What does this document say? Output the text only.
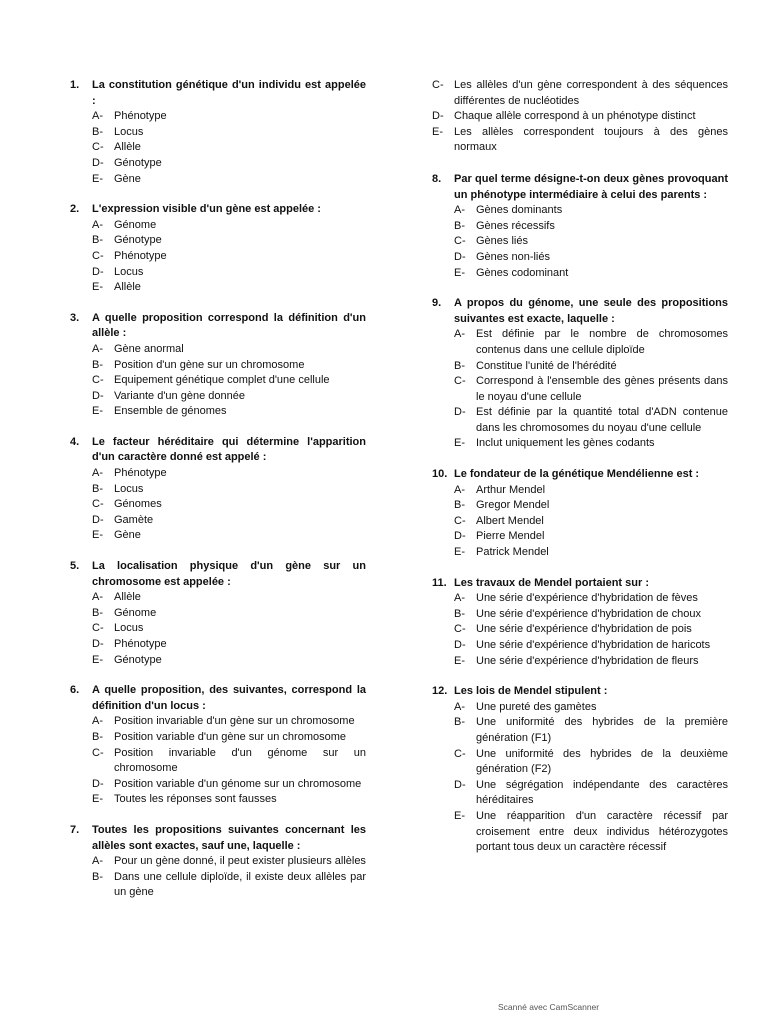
1.	La constitution génétique d'un individu est appelée :
A-	Phénotype
B-	Locus
C- Allèle
D- Génotype
E-	Gène
2.	L'expression visible d'un gène est appelée :
A-	Génome
B-	Génotype
C- Phénotype
D- Locus
E-	Allèle
3.	A quelle proposition correspond la définition d'un allèle :
A-	Gène anormal
B-	Position d'un gène sur un chromosome
C- Equipement génétique complet d'une cellule
D- Variante d'un gène donnée
E-	Ensemble de génomes
4.	Le facteur héréditaire qui détermine l'apparition d'un caractère donné est appelé :
A-	Phénotype
B-	Locus
C- Génomes
D- Gamète
E-	Gène
5.	La localisation physique d'un gène sur un chromosome est appelée :
A-	Allèle
B-	Génome
C- Locus
D- Phénotype
E-	Génotype
6.	A quelle proposition, des suivantes, correspond la définition d'un locus :
A-	Position invariable d'un gène sur un chromosome
B-	Position variable d'un gène sur un chromosome
C- Position invariable d'un génome sur un chromosome
D- Position variable d'un génome sur un chromosome
E-	Toutes les réponses sont fausses
7.	Toutes les propositions suivantes concernant les allèles sont exactes, sauf une, laquelle :
A-	Pour un gène donné, il peut exister plusieurs allèles
B-	Dans une cellule diploïde, il existe deux allèles par un gène
C- Les allèles d'un gène correspondent à des séquences différentes de nucléotides
D- Chaque allèle correspond à un phénotype distinct
E-	Les allèles correspondent toujours à des gènes normaux
8.	Par quel terme désigne-t-on deux gènes provoquant un phénotype intermédiaire à celui des parents :
A-	Gènes dominants
B-	Gènes récessifs
C- Gènes liés
D- Gènes non-liés
E-	Gènes codominant
9.	A propos du génome, une seule des propositions suivantes est exacte, laquelle :
A-	Est définie par le nombre de chromosomes contenus dans une cellule diploïde
B-	Constitue l'unité de l'hérédité
C- Correspond à l'ensemble des gènes présents dans le noyau d'une cellule
D- Est définie par la quantité total d'ADN contenue dans les chromosomes du noyau d'une cellule
E-	Inclut uniquement les gènes codants
10. Le fondateur de la génétique Mendélienne est :
A-	Arthur Mendel
B-	Gregor Mendel
C- Albert Mendel
D- Pierre Mendel
E-	Patrick Mendel
11. Les travaux de Mendel portaient sur :
A-	Une série d'expérience d'hybridation de fèves
B-	Une série d'expérience d'hybridation de choux
C- Une série d'expérience d'hybridation de pois
D- Une série d'expérience d'hybridation de haricots
E-	Une série d'expérience d'hybridation de fleurs
12. Les lois de Mendel stipulent :
A-	Une pureté des gamètes
B-	Une uniformité des hybrides de la première génération (F1)
C- Une uniformité des hybrides de la deuxième génération (F2)
D- Une ségrégation indépendante des caractères héréditaires
E-	Une réapparition d'un caractère récessif par croisement entre deux individus hétérozygotes portant tous deux un caractère récessif
Scanné avec CamScanner
